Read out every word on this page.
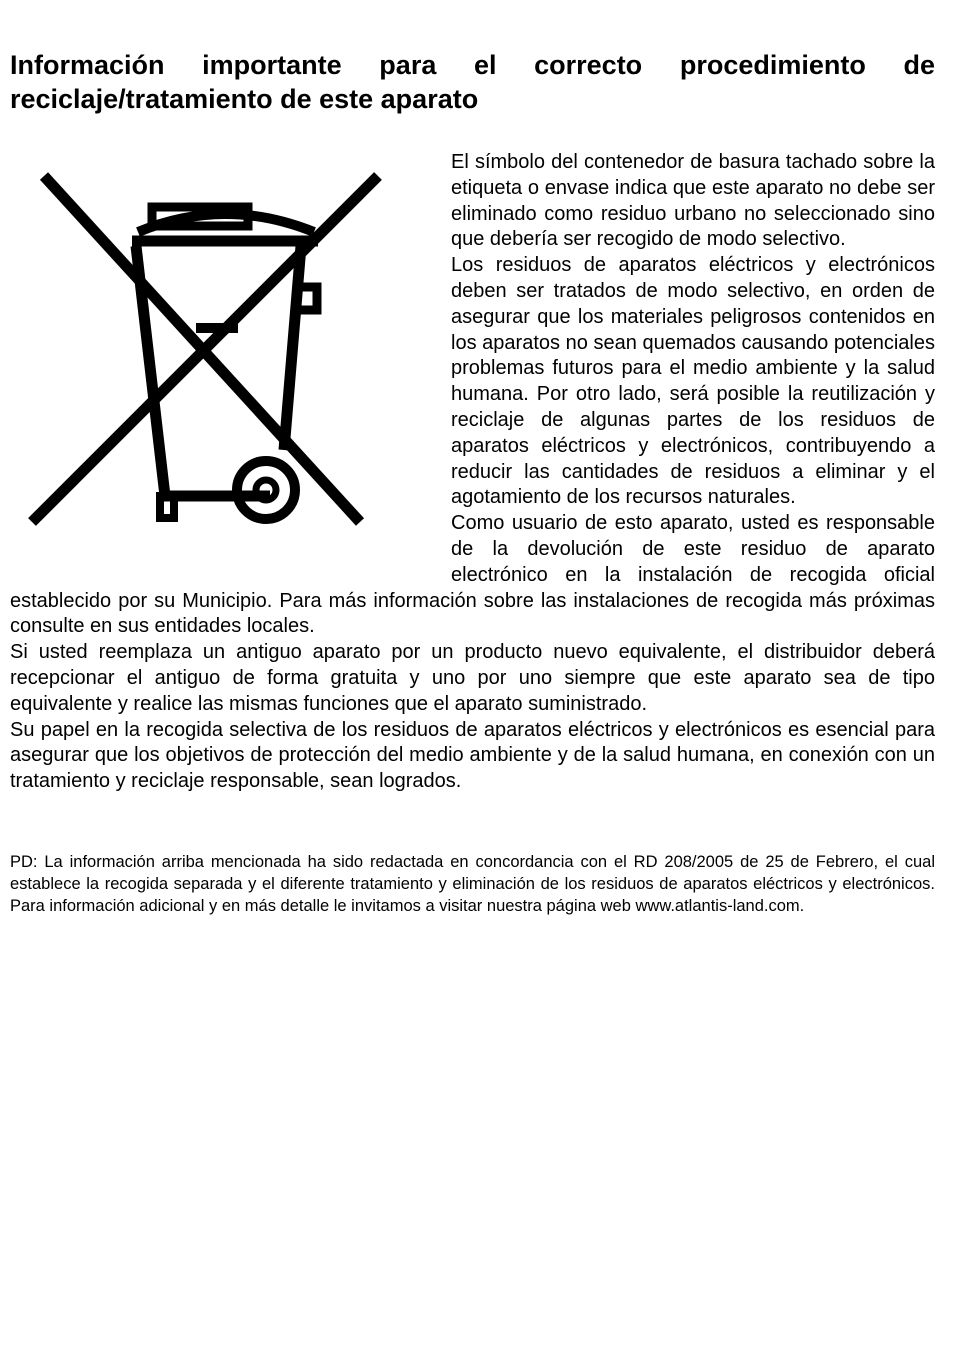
Información importante para el correcto procedimiento de reciclaje/tratamiento de este aparato

El símbolo del contenedor de basura tachado sobre la etiqueta o envase indica que este aparato no debe ser eliminado como residuo urbano no seleccionado sino que debería ser recogido de modo selectivo.

Los residuos de aparatos eléctricos y electrónicos deben ser tratados de modo selectivo, en orden de asegurar que los materiales peligrosos contenidos en los aparatos no sean quemados causando potenciales problemas futuros para el medio ambiente y la salud humana. Por otro lado, será posible la reutilización y reciclaje de algunas partes de los residuos de aparatos eléctricos y electrónicos, contribuyendo a reducir las cantidades de residuos a eliminar y el agotamiento de los recursos naturales.

Como usuario de esto aparato, usted es responsable de la devolución de este residuo de aparato electrónico en la instalación de recogida oficial establecido por su Municipio. Para más información sobre las instalaciones de recogida más próximas consulte en sus entidades locales.

Si usted reemplaza un antiguo aparato por un producto nuevo equivalente, el distribuidor deberá recepcionar el antiguo de forma gratuita y uno por uno siempre que este aparato sea de tipo equivalente y realice las mismas funciones que el aparato suministrado.

Su papel en la recogida selectiva de los residuos de aparatos eléctricos y electrónicos es esencial para asegurar que los objetivos de protección del medio ambiente y de la salud humana, en conexión con un tratamiento y reciclaje responsable, sean logrados.

PD: La información arriba mencionada ha sido redactada en concordancia con el RD 208/2005 de 25 de Febrero, el cual establece la recogida separada y el diferente tratamiento y eliminación de los residuos de aparatos eléctricos y electrónicos. Para información adicional y en más detalle le invitamos a visitar nuestra página web www.atlantis-land.com.
